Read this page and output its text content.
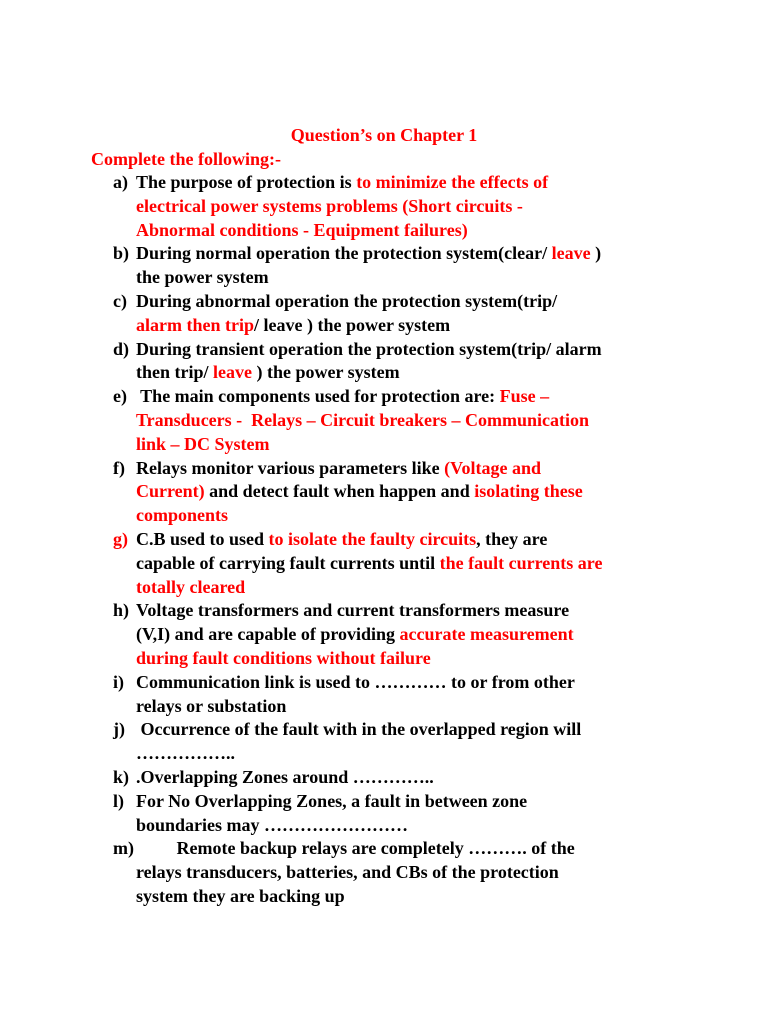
Question’s on Chapter 1
Complete the following:-
a) The purpose of protection is to minimize the effects of
electrical power systems problems (Short circuits -
Abnormal conditions - Equipment failures)
b) During normal operation the protection system(clear/ leave )
the power system
c) During abnormal operation the protection system(trip/
alarm then trip/ leave ) the power system
d) During transient operation the protection system(trip/ alarm
then trip/ leave ) the power system
e) The main components used for protection are: Fuse –
Transducers -  Relays – Circuit breakers – Communication
link – DC System
f) Relays monitor various parameters like (Voltage and
Current) and detect fault when happen and isolating these
components
g) C.B used to used to isolate the faulty circuits, they are
capable of carrying fault currents until the fault currents are
totally cleared
h) Voltage transformers and current transformers measure
(V,I) and are capable of providing accurate measurement
during fault conditions without failure
i) Communication link is used to ………… to or from other
relays or substation
j) Occurrence of the fault with in the overlapped region will
……………..
k) .Overlapping Zones around …………..
l) For No Overlapping Zones, a fault in between zone
boundaries may ……………………
m) Remote backup relays are completely ………. of the
relays transducers, batteries, and CBs of the protection
system they are backing up
